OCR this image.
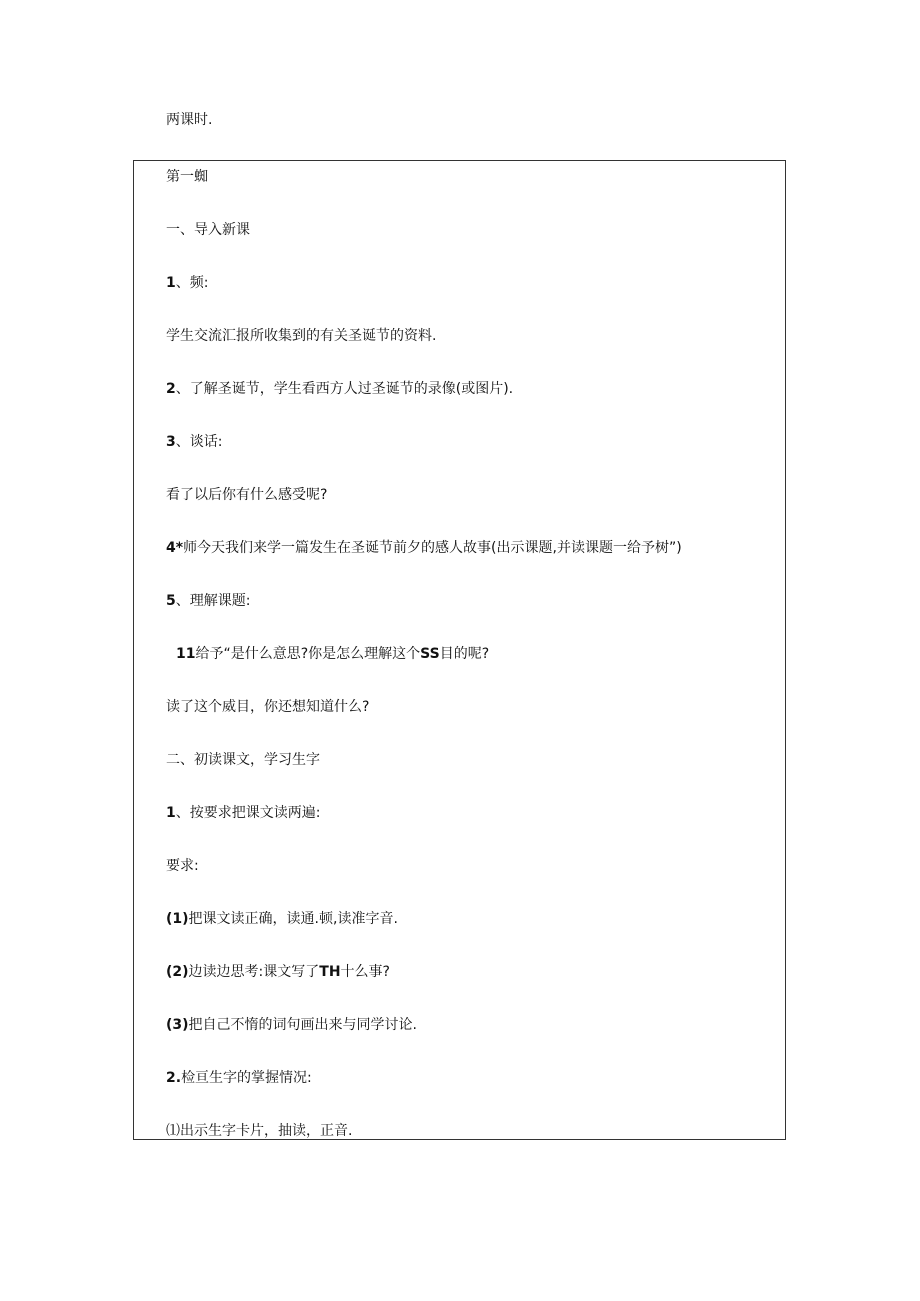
两课时.
第一蜘
一、导入新课
1、频:
学生交流汇报所收集到的有关圣诞节的资料.
2、了解圣诞节，学生看西方人过圣诞节的录像(或图片).
3、谈话:
看了以后你有什么感受呢?
4*师今天我们来学一篇发生在圣诞节前夕的感人故事(出示课题,并读课题一给予树”)
5、理解课题:
11给予“是什么意思?你是怎么理解这个SS目的呢?
读了这个威目，你还想知道什么?
二、初读课文，学习生字
1、按要求把课文读两遍:
要求:
(1)把课文读正确，读通.顿,读准字音.
(2)边读边思考:课文写了TH十么事?
(3)把自己不惰的词句画出来与同学讨论.
2.检亘生字的掌握情况:
⑴出示生字卡片，抽读，正音.
